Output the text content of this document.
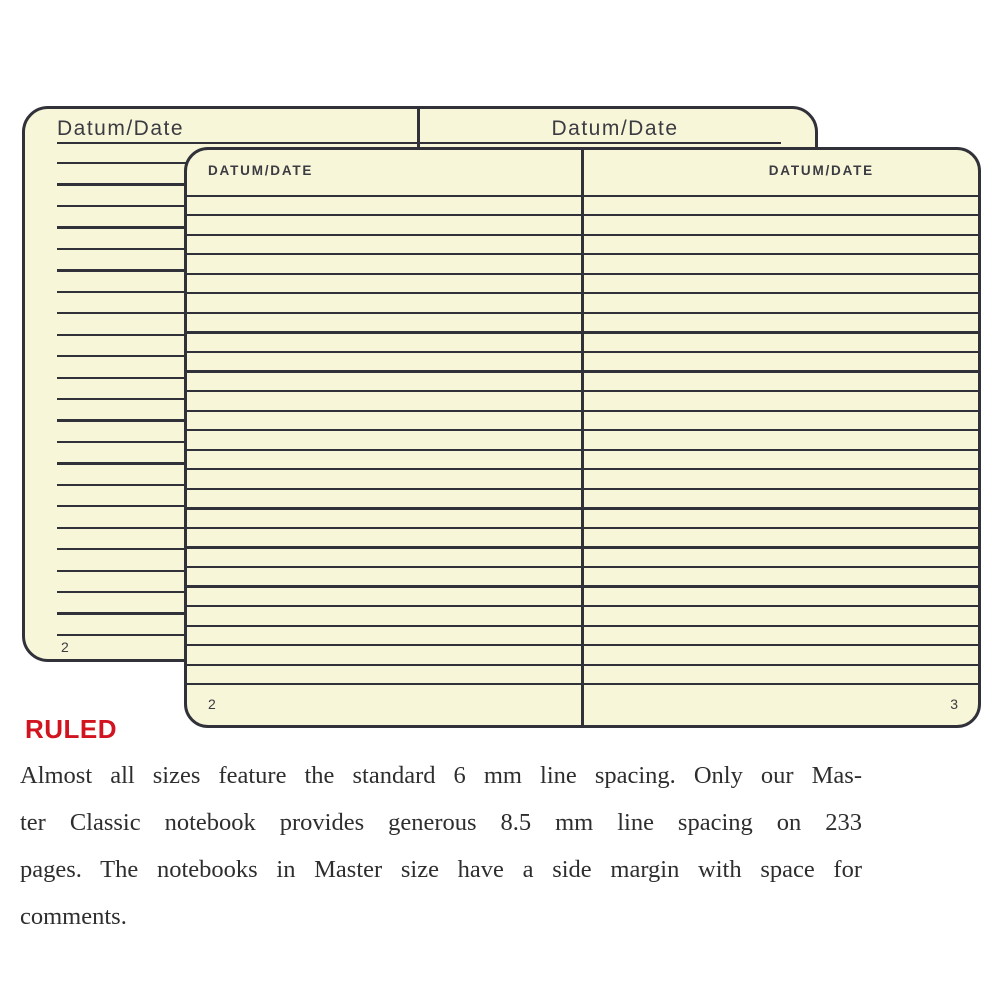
Datum/Date	Datum/Date
2
DATUM/DATE	DATUM/DATE
2	3
RULED
Almost all sizes feature the standard 6 mm line spacing. Only our Mas-
ter Classic notebook provides generous 8.5 mm line spacing on 233
pages. The notebooks in Master size have a side margin with space for
comments.
